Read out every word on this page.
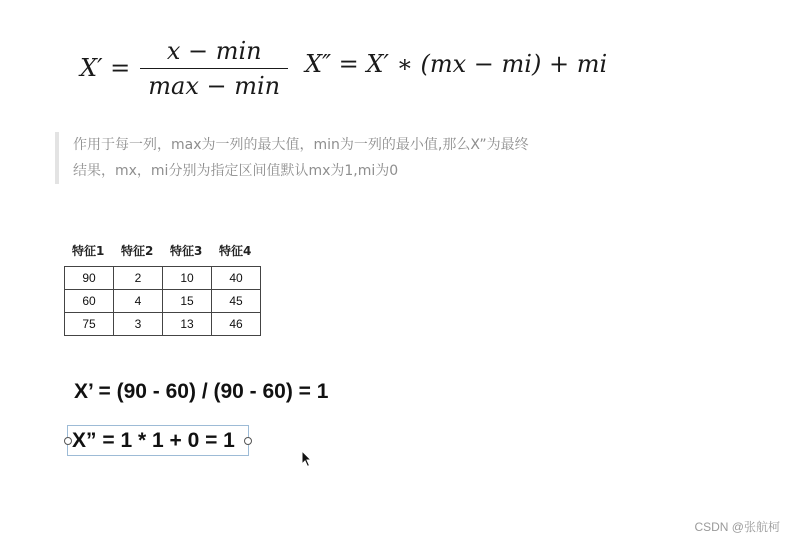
$X' = \frac{x - \min}{\max - \min} X'' = X'$ ∗ (mx − mi) + mi

作用于每一列，max为一列的最大值，min为一列的最小值,那么X”为最终

结果，mx，mi分别为指定区间值默认mx为1,mi为0

特征1	特征2	特征3	特征4
90	2	10	40
60	4	15	45
75	3	13	46
X’ = (90 - 60) / (90 - 60) = 1
X” = 1 * 1 + 0 = 1
CSDN @张航柯
